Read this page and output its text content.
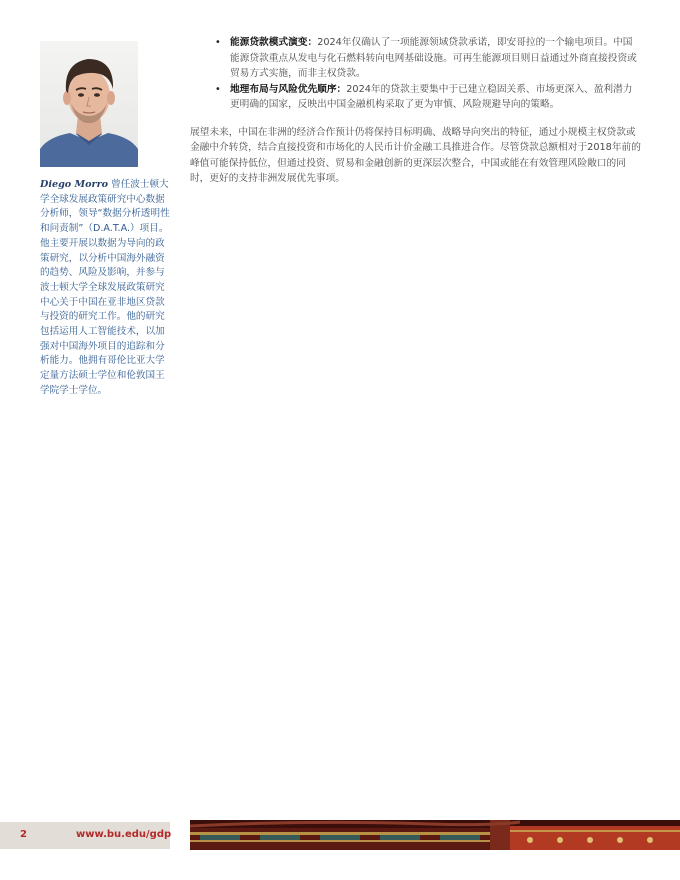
Diego Morro 曾任波士顿大学全球发展政策研究中心数据分析师，领导“数据分析透明性和问责制”（D.A.T.A.）项目。他主要开展以数据为导向的政策研究，以分析中国海外融资的趋势、风险及影响，并参与波士顿大学全球发展政策研究中心关于中国在亚非地区贷款与投资的研究工作。他的研究包括运用人工智能技术，以加强对中国海外项目的追踪和分析能力。他拥有哥伦比亚大学定量方法硕士学位和伦敦国王学院学士学位。
• 能源贷款模式演变：2024年仅确认了一项能源领域贷款承诺，即安哥拉的一个输电项目。中国能源贷款重点从发电与化石燃料转向电网基础设施。可再生能源项目则日益通过外商直接投资或贸易方式实施，而非主权贷款。
• 地理布局与风险优先顺序：2024年的贷款主要集中于已建立稳固关系、市场更深入、盈利潜力更明确的国家，反映出中国金融机构采取了更为审慎、风险规避导向的策略。

展望未来，中国在非洲的经济合作预计仍将保持目标明确、战略导向突出的特征，通过小规模主权贷款或金融中介转贷，结合直接投资和市场化的人民币计价金融工具推进合作。尽管贷款总额相对于2018年前的峰值可能保持低位，但通过投资、贸易和金融创新的更深层次整合，中国或能在有效管理风险敞口的同时，更好的支持非洲发展优先事项。

2	www.bu.edu/gdp
